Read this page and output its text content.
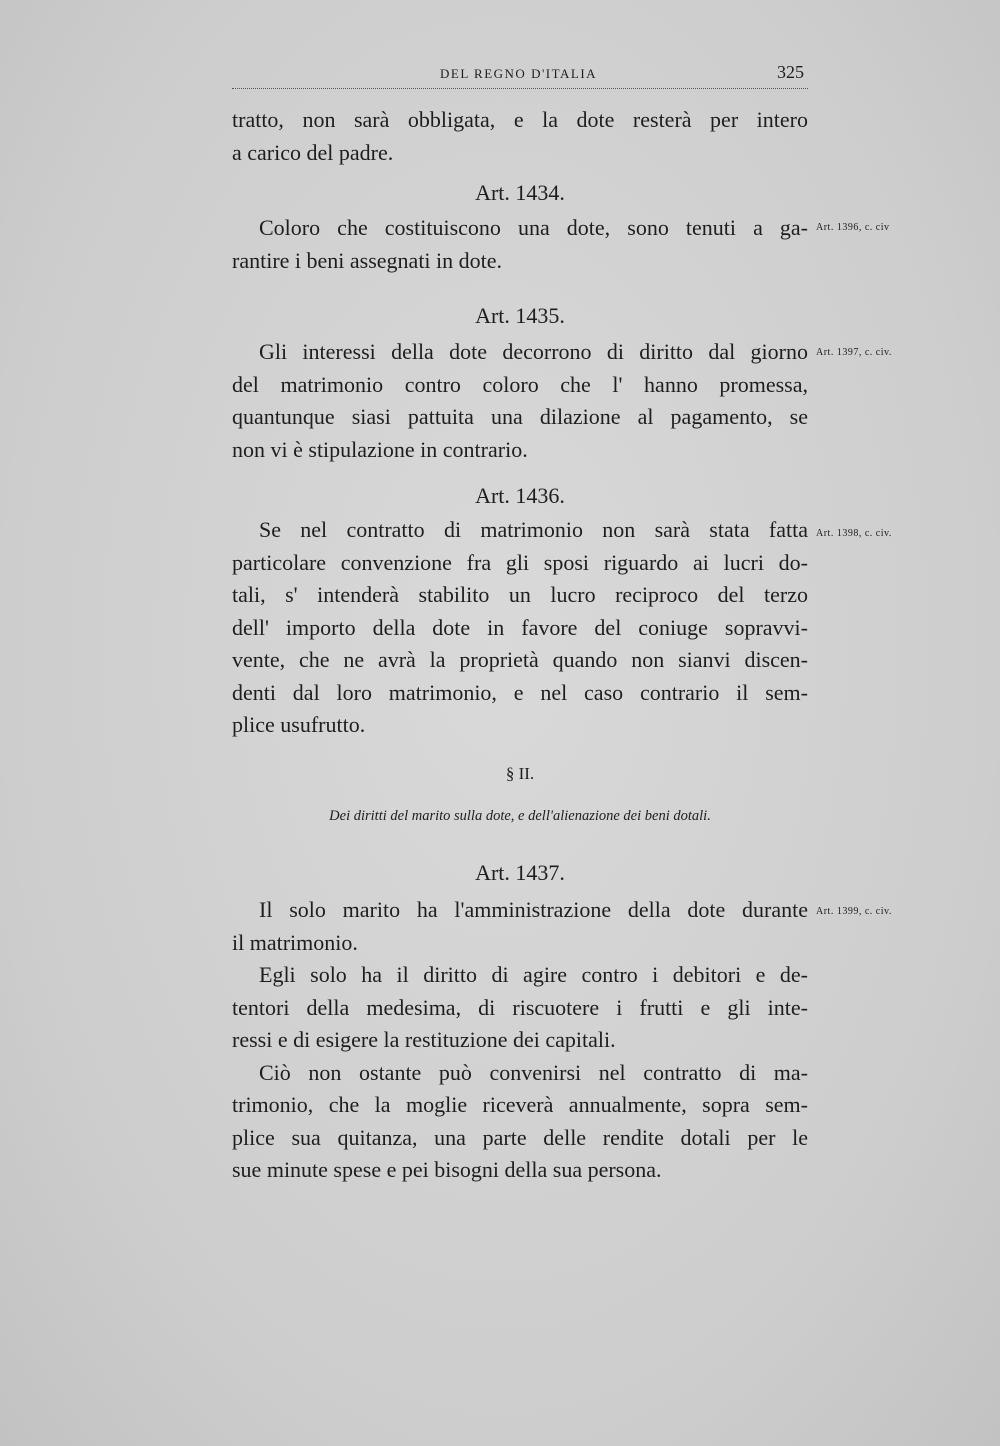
DEL REGNO D'ITALIA	325
tratto, non sarà obbligata, e la dote resterà per intero
a carico del padre.
Art. 1434.
Art. 1396, c. civ
Coloro che costituiscono una dote, sono tenuti a ga-
rantire i beni assegnati in dote.
Art. 1435.
Art. 1397, c. civ.
Gli interessi della dote decorrono di diritto dal giorno
del matrimonio contro coloro che l' hanno promessa,
quantunque siasi pattuita una dilazione al pagamento, se
non vi è stipulazione in contrario.
Art. 1436.
Art. 1398, c. civ.
Se nel contratto di matrimonio non sarà stata fatta
particolare convenzione fra gli sposi riguardo ai lucri do-
tali, s' intenderà stabilito un lucro reciproco del terzo
dell' importo della dote in favore del coniuge sopravvi-
vente, che ne avrà la proprietà quando non sianvi discen-
denti dal loro matrimonio, e nel caso contrario il sem-
plice usufrutto.
§ II.
Dei diritti del marito sulla dote, e dell'alienazione dei beni dotali.
Art. 1437.
Art. 1399, c. civ.
Il solo marito ha l'amministrazione della dote durante
il matrimonio.
Egli solo ha il diritto di agire contro i debitori e de-
tentori della medesima, di riscuotere i frutti e gli inte-
ressi e di esigere la restituzione dei capitali.
Ciò non ostante può convenirsi nel contratto di ma-
trimonio, che la moglie riceverà annualmente, sopra sem-
plice sua quitanza, una parte delle rendite dotali per le
sue minute spese e pei bisogni della sua persona.
